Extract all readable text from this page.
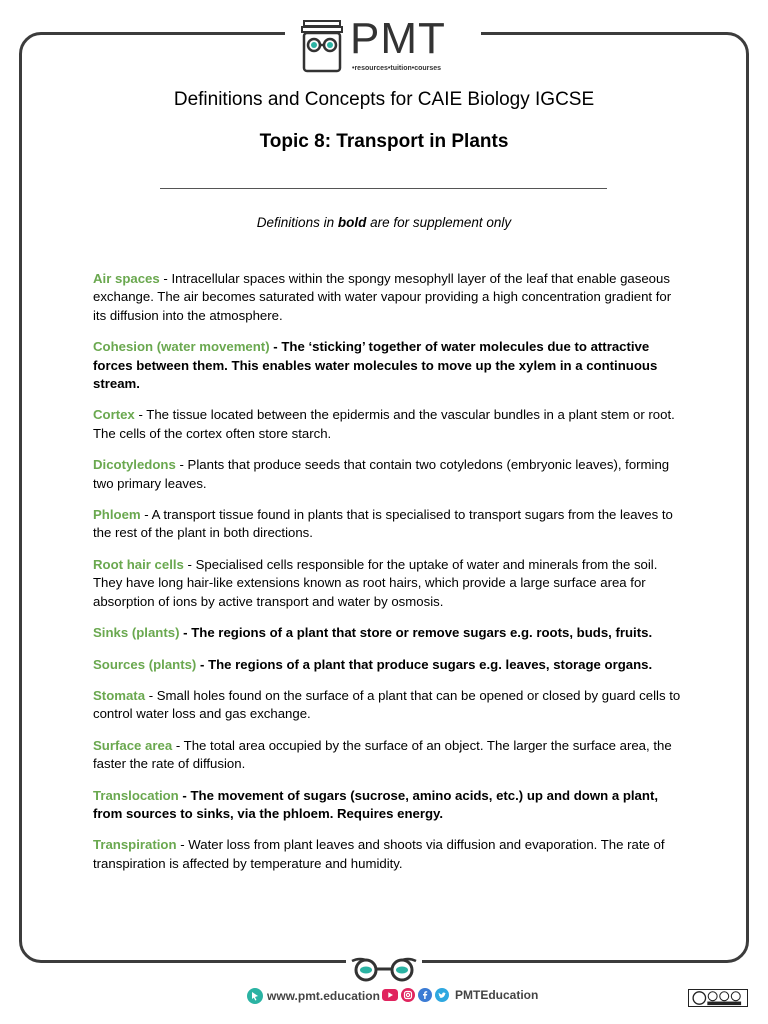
PMT
•resources•tuition•courses
Definitions and Concepts for CAIE Biology IGCSE
Topic 8: Transport in Plants
Definitions in bold are for supplement only
Air spaces - Intracellular spaces within the spongy mesophyll layer of the leaf that enable gaseous exchange. The air becomes saturated with water vapour providing a high concentration gradient for its diffusion into the atmosphere.
Cohesion (water movement) - The ‘sticking’ together of water molecules due to attractive forces between them. This enables water molecules to move up the xylem in a continuous stream.
Cortex - The tissue located between the epidermis and the vascular bundles in a plant stem or root. The cells of the cortex often store starch.
Dicotyledons - Plants that produce seeds that contain two cotyledons (embryonic leaves), forming two primary leaves.
Phloem - A transport tissue found in plants that is specialised to transport sugars from the leaves to the rest of the plant in both directions.
Root hair cells - Specialised cells responsible for the uptake of water and minerals from the soil. They have long hair-like extensions known as root hairs, which provide a large surface area for absorption of ions by active transport and water by osmosis.
Sinks (plants) - The regions of a plant that store or remove sugars e.g. roots, buds, fruits.
Sources (plants) - The regions of a plant that produce sugars e.g. leaves, storage organs.
Stomata - Small holes found on the surface of a plant that can be opened or closed by guard cells to control water loss and gas exchange.
Surface area - The total area occupied by the surface of an object. The larger the surface area, the faster the rate of diffusion.
Translocation - The movement of sugars (sucrose, amino acids, etc.) up and down a plant, from sources to sinks, via the phloem. Requires energy.
Transpiration - Water loss from plant leaves and shoots via diffusion and evaporation. The rate of transpiration is affected by temperature and humidity.
www.pmt.education	PMTEducation
